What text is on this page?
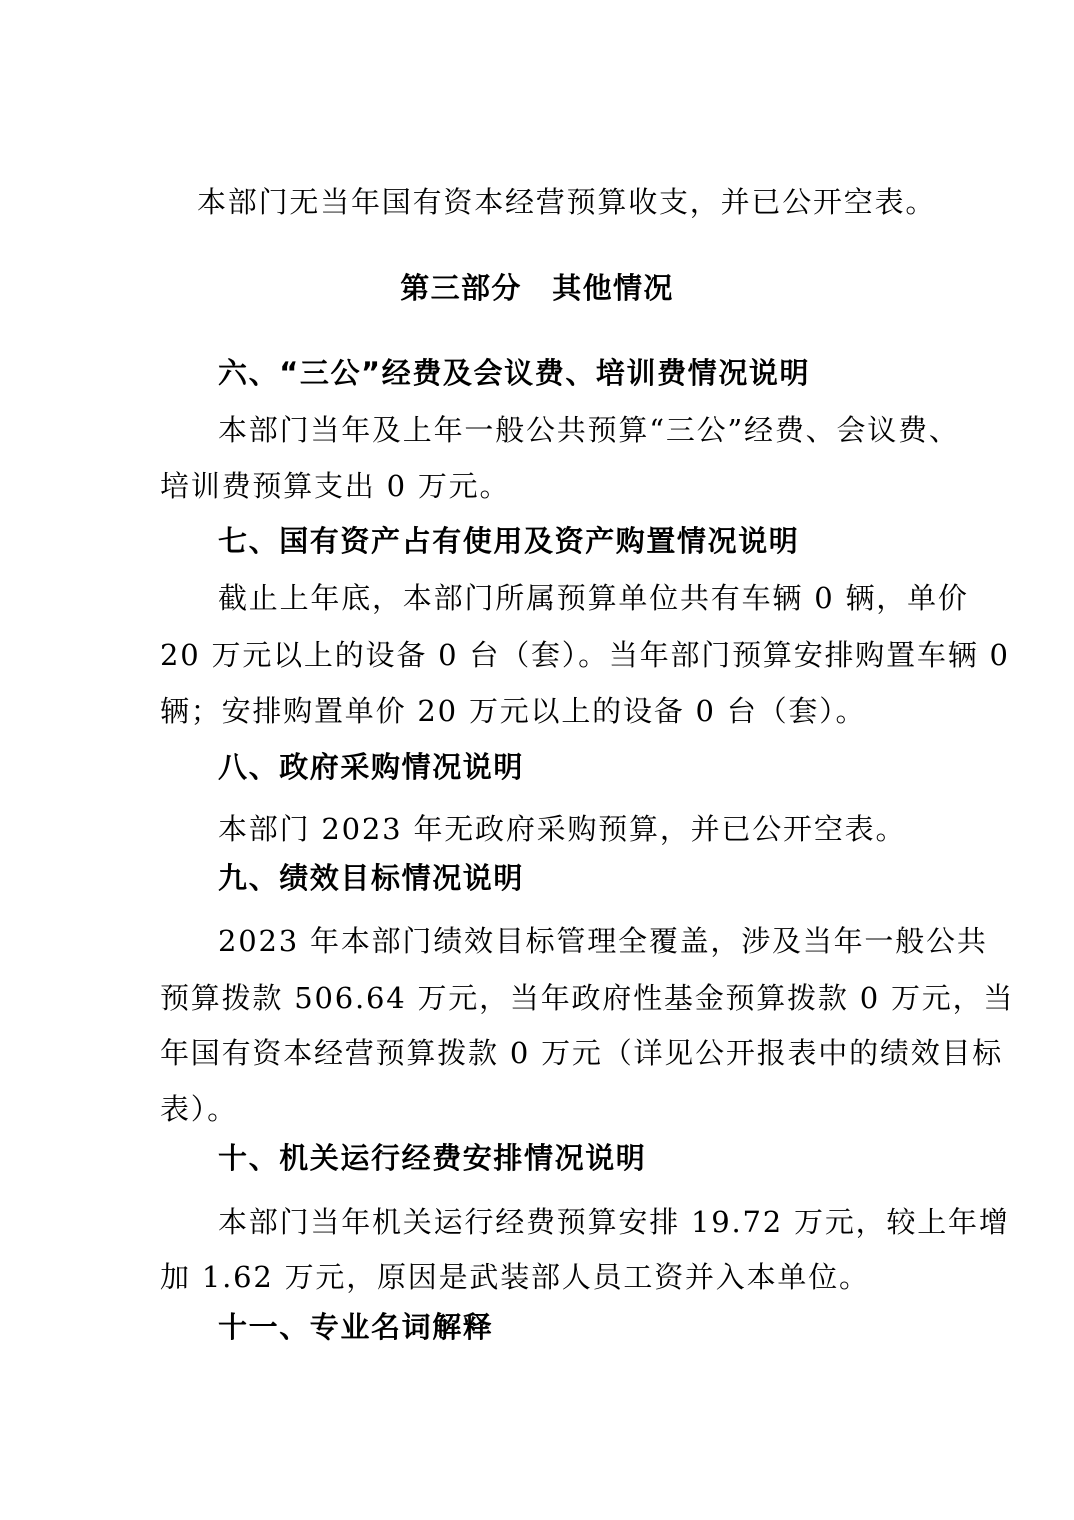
本部门无当年国有资本经营预算收支，并已公开空表。
第三部分　其他情况
六、“三公”经费及会议费、培训费情况说明
本部门当年及上年一般公共预算“三公”经费、会议费、
培训费预算支出 0 万元。
七、国有资产占有使用及资产购置情况说明
截止上年底，本部门所属预算单位共有车辆 0 辆，单价
20 万元以上的设备 0 台（套）。当年部门预算安排购置车辆 0
辆；安排购置单价 20 万元以上的设备 0 台（套）。
八、政府采购情况说明
本部门 2023 年无政府采购预算，并已公开空表。
九、绩效目标情况说明
2023 年本部门绩效目标管理全覆盖，涉及当年一般公共
预算拨款 506.64 万元，当年政府性基金预算拨款 0 万元，当
年国有资本经营预算拨款 0 万元（详见公开报表中的绩效目标
表）。
十、机关运行经费安排情况说明
本部门当年机关运行经费预算安排 19.72 万元，较上年增
加 1.62 万元，原因是武装部人员工资并入本单位。
十一、专业名词解释
